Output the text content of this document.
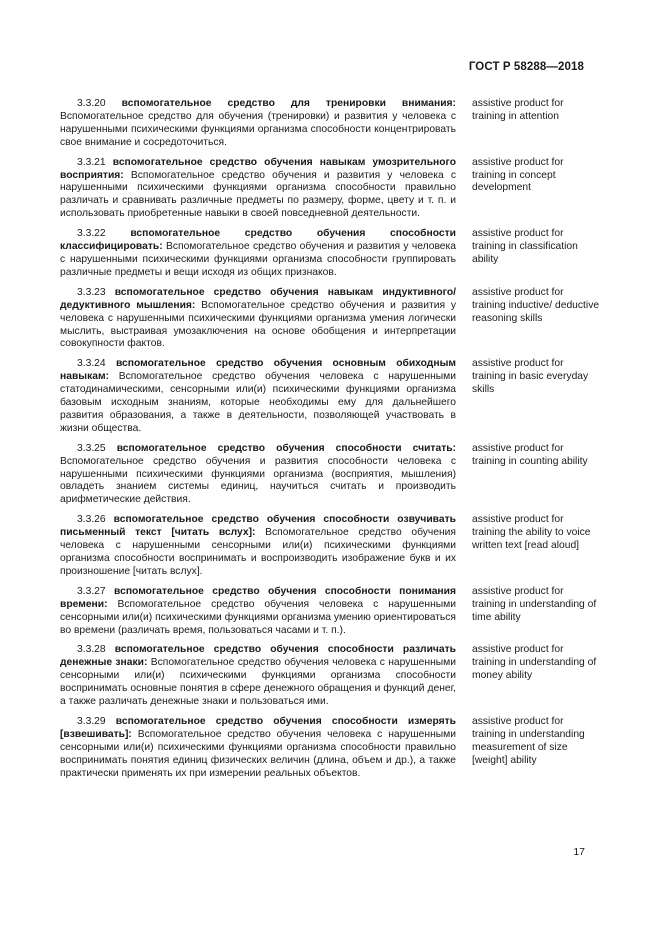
ГОСТ Р 58288—2018
3.3.20 вспомогательное средство для тренировки внимания: Вспомогательное средство для обучения (тренировки) и развития у человека с нарушенными психическими функциями организма способности концентрировать свое внимание и сосредоточиться.
assistive product for training in attention
3.3.21 вспомогательное средство обучения навыкам умозрительного восприятия: Вспомогательное средство обучения и развития у человека с нарушенными психическими функциями организма способности правильно различать и сравнивать различные предметы по размеру, форме, цвету и т. п. и использовать приобретенные навыки в своей повседневной деятельности.
assistive product for training in concept development
3.3.22 вспомогательное средство обучения способности классифицировать: Вспомогательное средство обучения и развития у человека с нарушенными психическими функциями организма способности группировать различные предметы и вещи исходя из общих признаков.
assistive product for training in classification ability
3.3.23 вспомогательное средство обучения навыкам индуктивного/дедуктивного мышления: Вспомогательное средство обучения и развития у человека с нарушенными психическими функциями организма умения логически мыслить, выстраивая умозаключения на основе обобщения и интерпретации совокупности фактов.
assistive product for training inductive/ deductive reasoning skills
3.3.24 вспомогательное средство обучения основным обиходным навыкам: Вспомогательное средство обучения человека с нарушенными статодинамическими, сенсорными или(и) психическими функциями организма базовым исходным знаниям, которые необходимы ему для дальнейшего развития образования, а также в деятельности, позволяющей участвовать в жизни общества.
assistive product for training in basic everyday skills
3.3.25 вспомогательное средство обучения способности считать: Вспомогательное средство обучения и развития способности человека с нарушенными психическими функциями организма (восприятия, мышления) овладеть знанием системы единиц, научиться считать и производить арифметические действия.
assistive product for training in counting ability
3.3.26 вспомогательное средство обучения способности озвучивать письменный текст [читать вслух]: Вспомогательное средство обучения человека с нарушенными сенсорными или(и) психическими функциями организма способности воспринимать и воспроизводить изображение букв и их произношение [читать вслух].
assistive product for training the ability to voice written text [read aloud]
3.3.27 вспомогательное средство обучения способности понимания времени: Вспомогательное средство обучения человека с нарушенными сенсорными или(и) психическими функциями организма умению ориентироваться во времени (различать время, пользоваться часами и т. п.).
assistive product for training in understanding of time ability
3.3.28 вспомогательное средство обучения способности различать денежные знаки: Вспомогательное средство обучения человека с нарушенными сенсорными или(и) психическими функциями организма способности воспринимать основные понятия в сфере денежного обращения и функций денег, а также различать денежные знаки и пользоваться ими.
assistive product for training in understanding of money ability
3.3.29 вспомогательное средство обучения способности измерять [взвешивать]: Вспомогательное средство обучения человека с нарушенными сенсорными или(и) психическими функциями организма способности правильно воспринимать понятия единиц физических величин (длина, объем и др.), а также практически применять их при измерении реальных объектов.
assistive product for training in understanding measurement of size [weight] ability
17
